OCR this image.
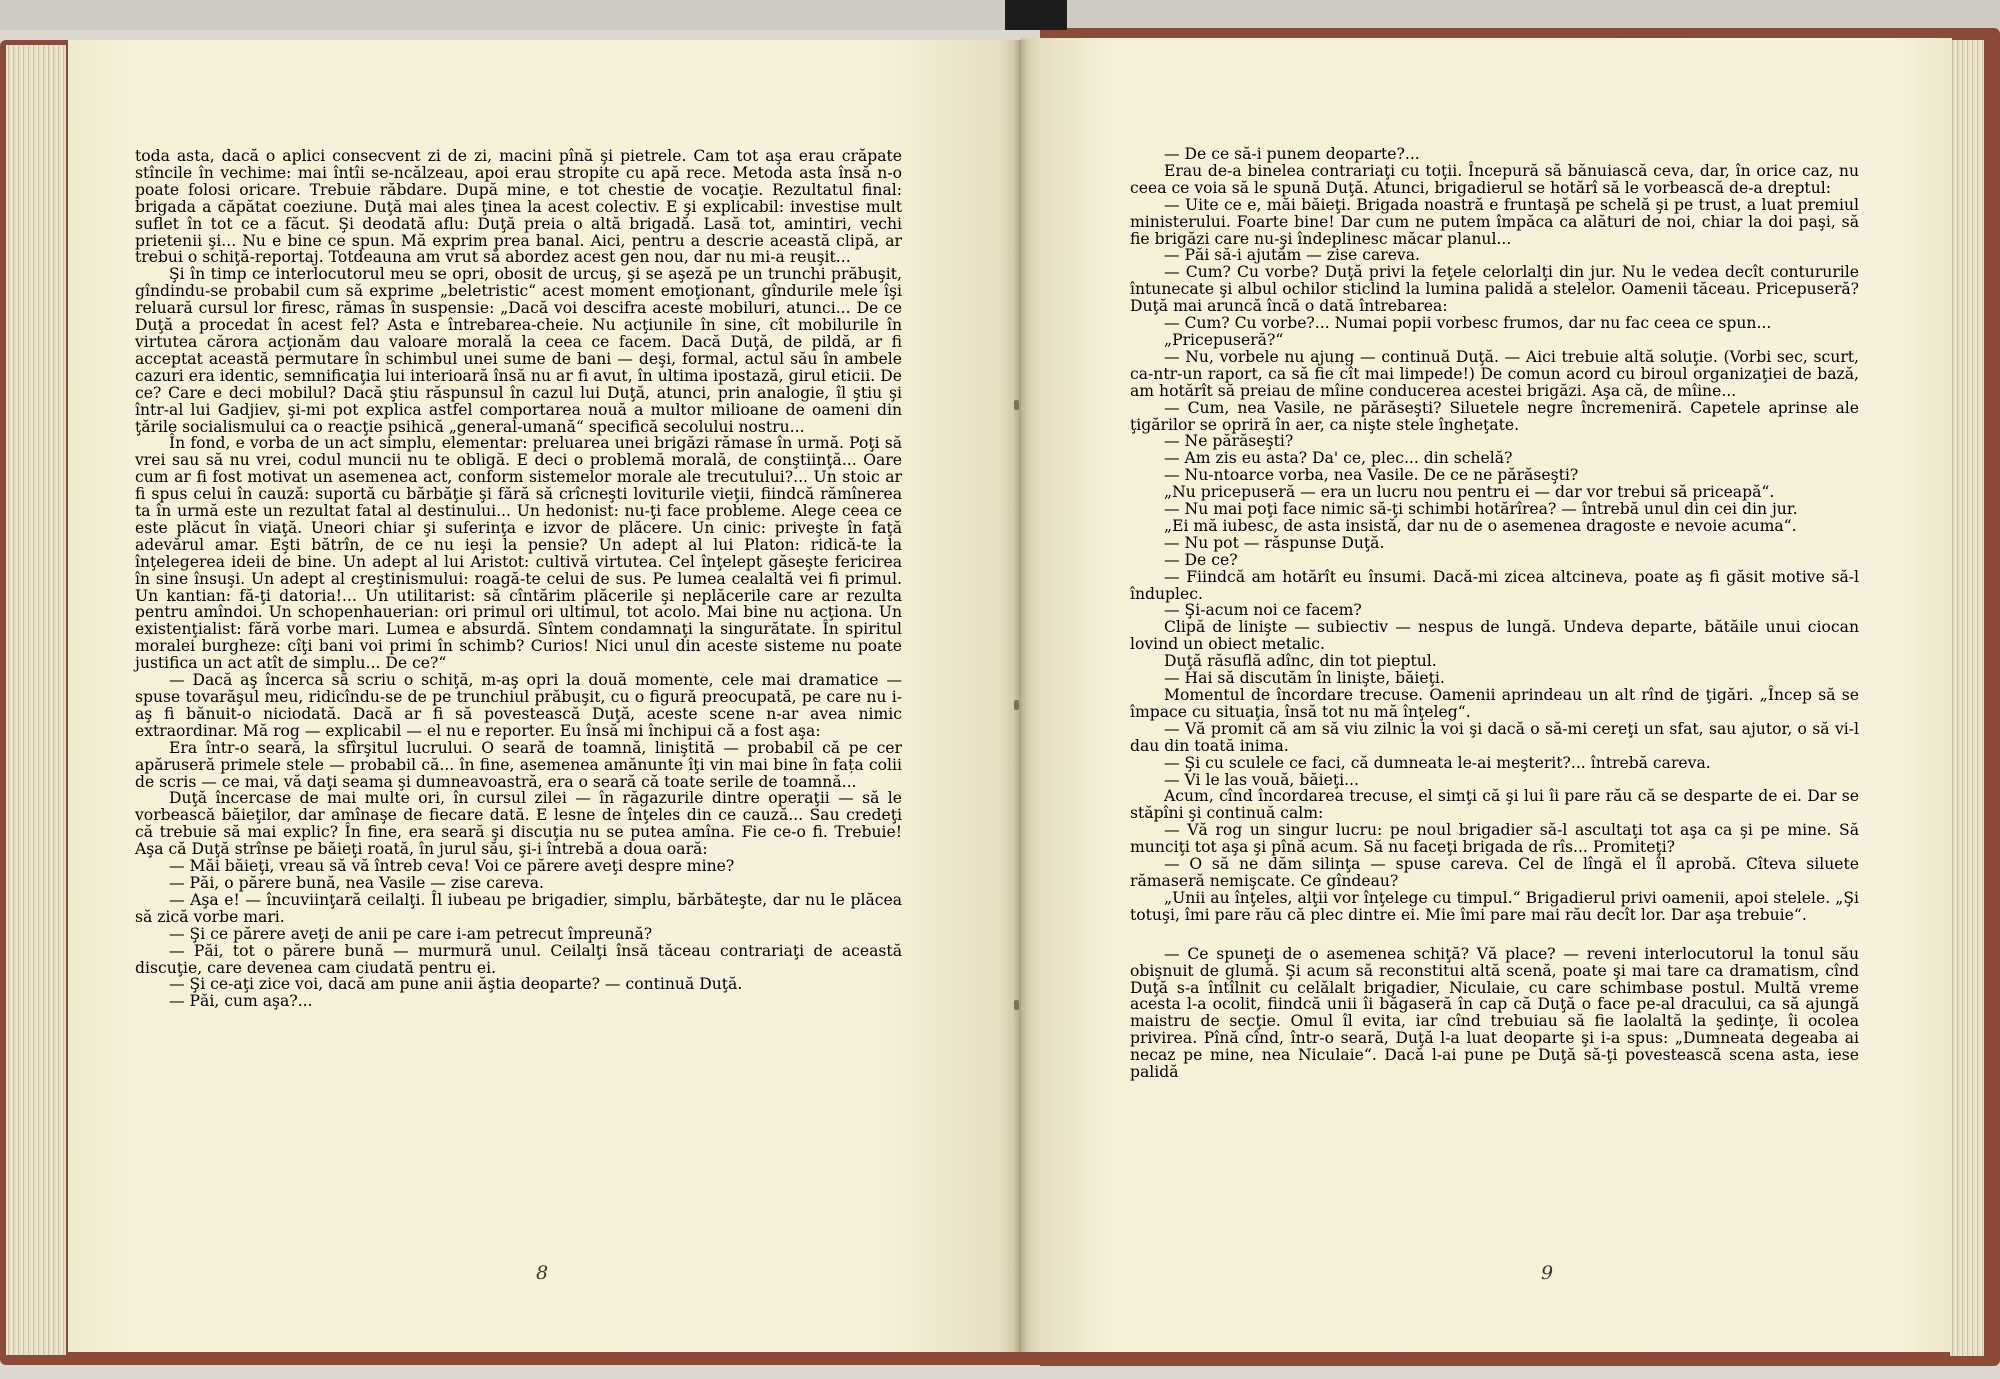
toda asta, dacă o aplici consecvent zi de zi, macini pînă şi pietrele. Cam tot aşa erau crăpate stîncile în vechime: mai întîi se-ncălzeau, apoi erau stropite cu apă rece. Metoda asta însă n-o poate folosi oricare. Trebuie răbdare. După mine, e tot chestie de vocaţie. Rezultatul final: brigada a căpătat coeziune. Duţă mai ales ţinea la acest colectiv. E şi explicabil: investise mult suflet în tot ce a făcut. Şi deodată aflu: Duţă preia o altă brigadă. Lasă tot, amintiri, vechi prietenii şi... Nu e bine ce spun. Mă exprim prea banal. Aici, pentru a descrie această clipă, ar trebui o schiţă-reportaj. Totdeauna am vrut să abordez acest gen nou, dar nu mi-a reuşit...

Şi în timp ce interlocutorul meu se opri, obosit de urcuş, şi se aşeză pe un trunchi prăbuşit, gîndindu-se probabil cum să exprime „beletristic“ acest moment emoţionant, gîndurile mele îşi reluară cursul lor firesc, rămas în suspensie: „Dacă voi descifra aceste mobiluri, atunci... De ce Duţă a procedat în acest fel? Asta e întrebarea-cheie. Nu acţiunile în sine, cît mobilurile în virtutea cărora acţionăm dau valoare morală la ceea ce facem. Dacă Duţă, de pildă, ar fi acceptat această permutare în schimbul unei sume de bani — deşi, formal, actul său în ambele cazuri era identic, semnificaţia lui interioară însă nu ar fi avut, în ultima ipostază, girul eticii. De ce? Care e deci mobilul? Dacă ştiu răspunsul în cazul lui Duţă, atunci, prin analogie, îl ştiu şi într-al lui Gadjiev, şi-mi pot explica astfel comportarea nouă a multor milioane de oameni din ţările socialismului ca o reacţie psihică „general-umană“ specifică secolului nostru...

În fond, e vorba de un act simplu, elementar: preluarea unei brigăzi rămase în urmă. Poţi să vrei sau să nu vrei, codul muncii nu te obligă. E deci o problemă morală, de conştiinţă... Oare cum ar fi fost motivat un asemenea act, conform sistemelor morale ale trecutului?... Un stoic ar fi spus celui în cauză: suportă cu bărbăţie şi fără să crîcneşti loviturile vieţii, fiindcă rămînerea ta în urmă este un rezultat fatal al destinului... Un hedonist: nu-ţi face probleme. Alege ceea ce este plăcut în viaţă. Uneori chiar şi suferinţa e izvor de plăcere. Un cinic: priveşte în faţă adevărul amar. Eşti bătrîn, de ce nu ieşi la pensie? Un adept al lui Platon: ridică-te la înţelegerea ideii de bine. Un adept al lui Aristot: cultivă virtutea. Cel înţelept găseşte fericirea în sine însuşi. Un adept al creştinismului: roagă-te celui de sus. Pe lumea cealaltă vei fi primul. Un kantian: fă-ţi datoria!... Un utilitarist: să cîntărim plăcerile şi neplăcerile care ar rezulta pentru amîndoi. Un schopenhauerian: ori primul ori ultimul, tot acolo. Mai bine nu acţiona. Un existenţialist: fără vorbe mari. Lumea e absurdă. Sîntem condamnaţi la singurătate. În spiritul moralei burgheze: cîţi bani voi primi în schimb? Curios! Nici unul din aceste sisteme nu poate justifica un act atît de simplu... De ce?“

— Dacă aş încerca să scriu o schiţă, m-aş opri la două momente, cele mai dramatice — spuse tovarăşul meu, ridicîndu-se de pe trunchiul prăbuşit, cu o figură preocupată, pe care nu i-aş fi bănuit-o niciodată. Dacă ar fi să povestească Duţă, aceste scene n-ar avea nimic extraordinar. Mă rog — explicabil — el nu e reporter. Eu însă mi închipui că a fost aşa:

Era într-o seară, la sfîrşitul lucrului. O seară de toamnă, liniştită — probabil că pe cer apăruseră primele stele — probabil că... în fine, asemenea amănunte îţi vin mai bine în fața colii de scris — ce mai, vă daţi seama şi dumneavoastră, era o seară că toate serile de toamnă...

Duţă încercase de mai multe ori, în cursul zilei — în răgazurile dintre operaţii — să le vorbească băieţilor, dar amînaşe de fiecare dată. E lesne de înţeles din ce cauză... Sau credeţi că trebuie să mai explic? În fine, era seară şi discuţia nu se putea amîna. Fie ce-o fi. Trebuie! Aşa că Duţă strînse pe băieţi roată, în jurul său, şi-i întrebă a doua oară:

— Măi băieţi, vreau să vă întreb ceva! Voi ce părere aveţi despre mine?

— Păi, o părere bună, nea Vasile — zise careva.

— Aşa e! — încuviinţară ceilalţi. Îl iubeau pe brigadier, simplu, bărbăteşte, dar nu le plăcea să zică vorbe mari.

— Şi ce părere aveţi de anii pe care i-am petrecut împreună?

— Păi, tot o părere bună — murmură unul. Ceilalţi însă tăceau contrariaţi de această discuţie, care devenea cam ciudată pentru ei.

— Şi ce-aţi zice voi, dacă am pune anii ăştia deoparte? — continuă Duţă.

— Păi, cum aşa?...

— De ce să-i punem deoparte?...

Erau de-a binelea contrariaţi cu toţii. Începură să bănuiască ceva, dar, în orice caz, nu ceea ce voia să le spună Duţă. Atunci, brigadierul se hotărî să le vorbească de-a dreptul:

— Uite ce e, măi băieţi. Brigada noastră e fruntaşă pe schelă şi pe trust, a luat premiul ministerului. Foarte bine! Dar cum ne putem împăca ca alături de noi, chiar la doi paşi, să fie brigăzi care nu-şi îndeplinesc măcar planul...

— Păi să-i ajutăm — zise careva.

— Cum? Cu vorbe? Duţă privi la feţele celorlalţi din jur. Nu le vedea decît contururile întunecate şi albul ochilor sticlind la lumina palidă a stelelor. Oamenii tăceau. Pricepuseră? Duţă mai aruncă încă o dată întrebarea:

— Cum? Cu vorbe?... Numai popii vorbesc frumos, dar nu fac ceea ce spun...

„Pricepuseră?“

— Nu, vorbele nu ajung — continuă Duţă. — Aici trebuie altă soluţie. (Vorbi sec, scurt, ca-ntr-un raport, ca să fie cît mai limpede!) De comun acord cu biroul organizaţiei de bază, am hotărît să preiau de mîine conducerea acestei brigăzi. Aşa că, de mîine...

— Cum, nea Vasile, ne părăseşti? Siluetele negre încremeniră. Capetele aprinse ale ţigărilor se opriră în aer, ca nişte stele îngheţate.

— Ne părăseşti?

— Am zis eu asta? Da' ce, plec... din schelă?

— Nu-ntoarce vorba, nea Vasile. De ce ne părăseşti?

„Nu pricepuseră — era un lucru nou pentru ei — dar vor trebui să priceapă“.

— Nu mai poţi face nimic să-ţi schimbi hotărîrea? — întrebă unul din cei din jur.

„Ei mă iubesc, de asta insistă, dar nu de o asemenea dragoste e nevoie acuma“.

— Nu pot — răspunse Duţă.

— De ce?

— Fiindcă am hotărît eu însumi. Dacă-mi zicea altcineva, poate aş fi găsit motive să-l înduplec.

— Şi-acum noi ce facem?

Clipă de linişte — subiectiv — nespus de lungă. Undeva departe, bătăile unui ciocan lovind un obiect metalic.

Duţă răsuflă adînc, din tot pieptul.

— Hai să discutăm în linişte, băieţi.

Momentul de încordare trecuse. Oamenii aprindeau un alt rînd de ţigări. „Încep să se împace cu situaţia, însă tot nu mă înţeleg“.

— Vă promit că am să viu zilnic la voi şi dacă o să-mi cereţi un sfat, sau ajutor, o să vi-l dau din toată inima.

— Şi cu sculele ce faci, că dumneata le-ai meşterit?... întrebă careva.

— Vi le las vouă, băieţi...

Acum, cînd încordarea trecuse, el simţi că şi lui îi pare rău că se desparte de ei. Dar se stăpîni şi continuă calm:

— Vă rog un singur lucru: pe noul brigadier să-l ascultaţi tot aşa ca şi pe mine. Să munciţi tot aşa şi pînă acum. Să nu faceţi brigada de rîs... Promiteţi?

— O să ne dăm silinţa — spuse careva. Cel de lîngă el îl aprobă. Cîteva siluete rămaseră nemişcate. Ce gîndeau?

„Unii au înţeles, alţii vor înţelege cu timpul.“ Brigadierul privi oamenii, apoi stelele. „Şi totuşi, îmi pare rău că plec dintre ei. Mie îmi pare mai rău decît lor. Dar aşa trebuie“.

— Ce spuneţi de o asemenea schiţă? Vă place? — reveni interlocutorul la tonul său obişnuit de glumă. Şi acum să reconstitui altă scenă, poate şi mai tare ca dramatism, cînd Duţă s-a întîlnit cu celălalt brigadier, Niculaie, cu care schimbase postul. Multă vreme acesta l-a ocolit, fiindcă unii îi băgaseră în cap că Duţă o face pe-al dracului, ca să ajungă maistru de secţie. Omul îl evita, iar cînd trebuiau să fie laolaltă la şedinţe, îi ocolea privirea. Pînă cînd, într-o seară, Duţă l-a luat deoparte şi i-a spus: „Dumneata degeaba ai necaz pe mine, nea Niculaie“. Dacă l-ai pune pe Duţă să-ţi povestească scena asta, iese palidă

8	9
